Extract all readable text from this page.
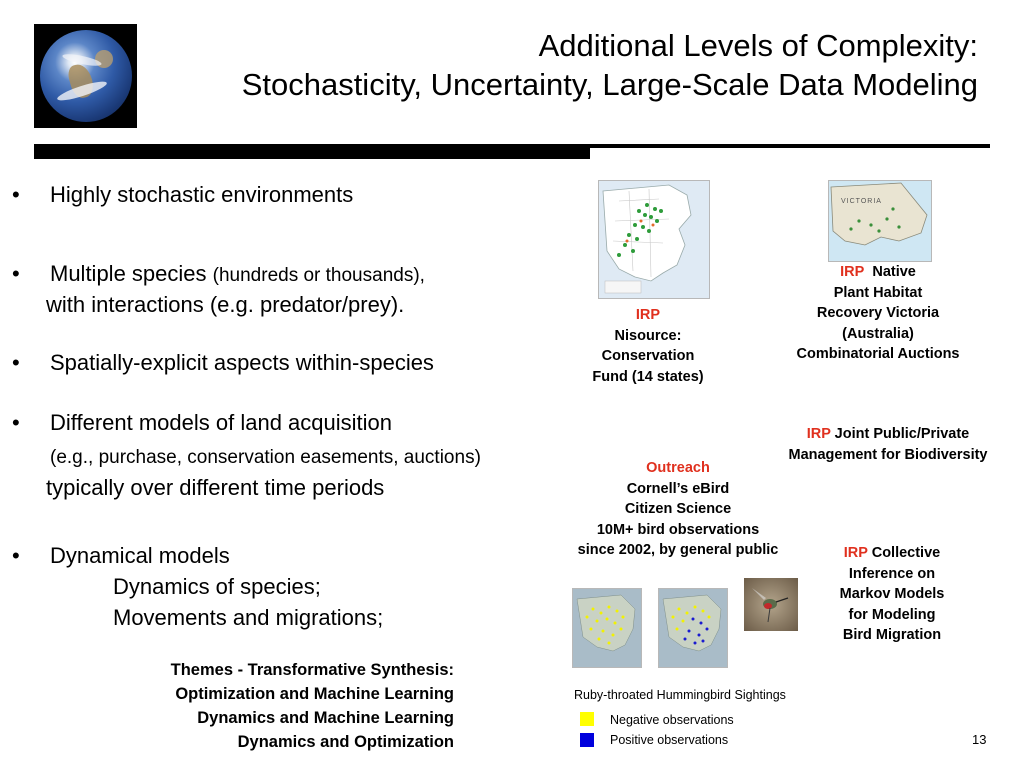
Additional Levels of Complexity:
Stochasticity, Uncertainty, Large-Scale Data Modeling
• Highly stochastic environments
• Multiple species (hundreds or thousands),
with interactions (e.g. predator/prey).
• Spatially-explicit aspects within-species
• Different models of land acquisition
(e.g., purchase, conservation easements, auctions)
typically over different time periods
• Dynamical models
Dynamics of species;
Movements and migrations;
Themes - Transformative Synthesis:
Optimization and Machine Learning
Dynamics and Machine Learning
Dynamics and Optimization
IRP
Nisource:
Conservation
Fund (14 states)
VICTORIA
IRP Native
Plant Habitat
Recovery Victoria
(Australia)
Combinatorial Auctions
IRP Joint Public/Private
Management for Biodiversity
Outreach
Cornell’s eBird
Citizen Science
10M+ bird observations
since 2002, by general public	IRP Collective
Inference on
Markov Models
for Modeling
Bird Migration
Ruby-throated Hummingbird Sightings
Negative observations
Positive observations	13
